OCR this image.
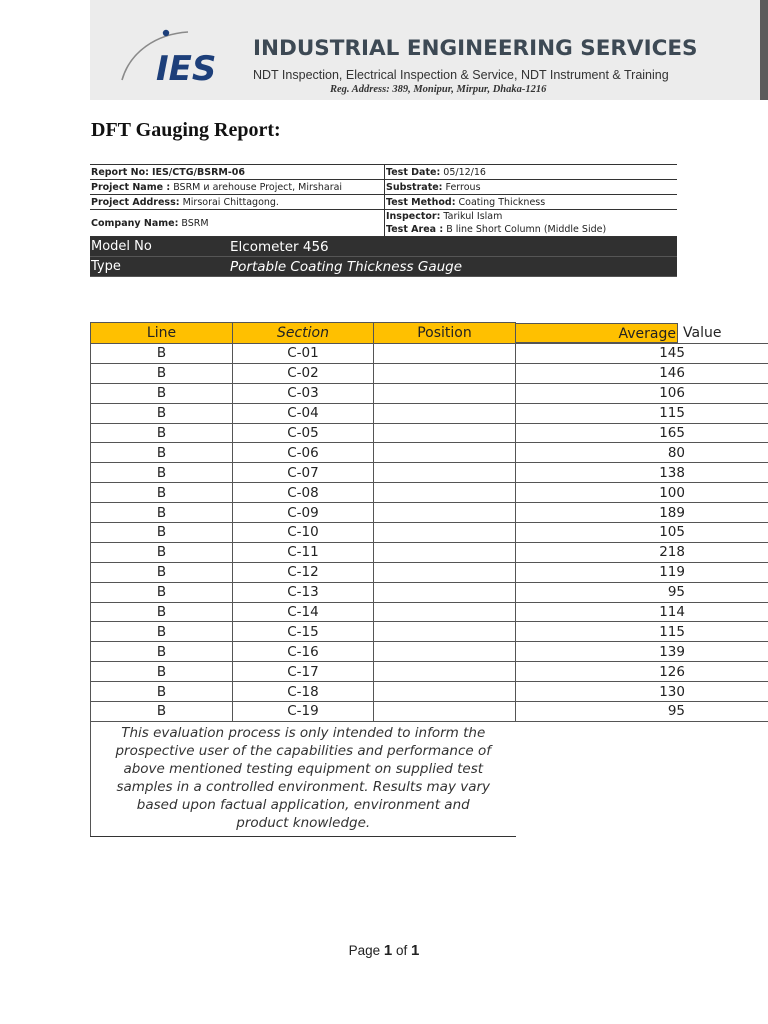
IES
INDUSTRIAL ENGINEERING SERVICES
NDT Inspection, Electrical Inspection & Service, NDT Instrument & Training
Reg. Address: 389, Monipur, Mirpur, Dhaka-1216
DFT Gauging Report:
Report No: IES/CTG/BSRM-06	Test Date: 05/12/16
Project Name : BSRM и arehouse Project, Mirsharai	Substrate: Ferrous
Project Address: Mirsorai Chittagong.	Test Method: Coating Thickness
Company Name: BSRM	Inspector: Tarikul Islam
Test Area : B line Short Column (Middle Side)
Model No	Elcometer 456
Type	Portable Coating Thickness Gauge
Line	Section	Position	Average Value

B	C-01		145
B	C-02		146
B	C-03		106
B	C-04		115
B	C-05		165
B	C-06		80
B	C-07		138
B	C-08		100
B	C-09		189
B	C-10		105
B	C-11		218
B	C-12		119
B	C-13		95
B	C-14		114
B	C-15		115
B	C-16		139
B	C-17		126
B	C-18		130
B	C-19		95
This evaluation process is only intended to inform the prospective user of the capabilities and performance of above mentioned testing equipment on supplied test samples in a controlled environment. Results may vary based upon factual application, environment and product knowledge.			
Page 1 of 1
